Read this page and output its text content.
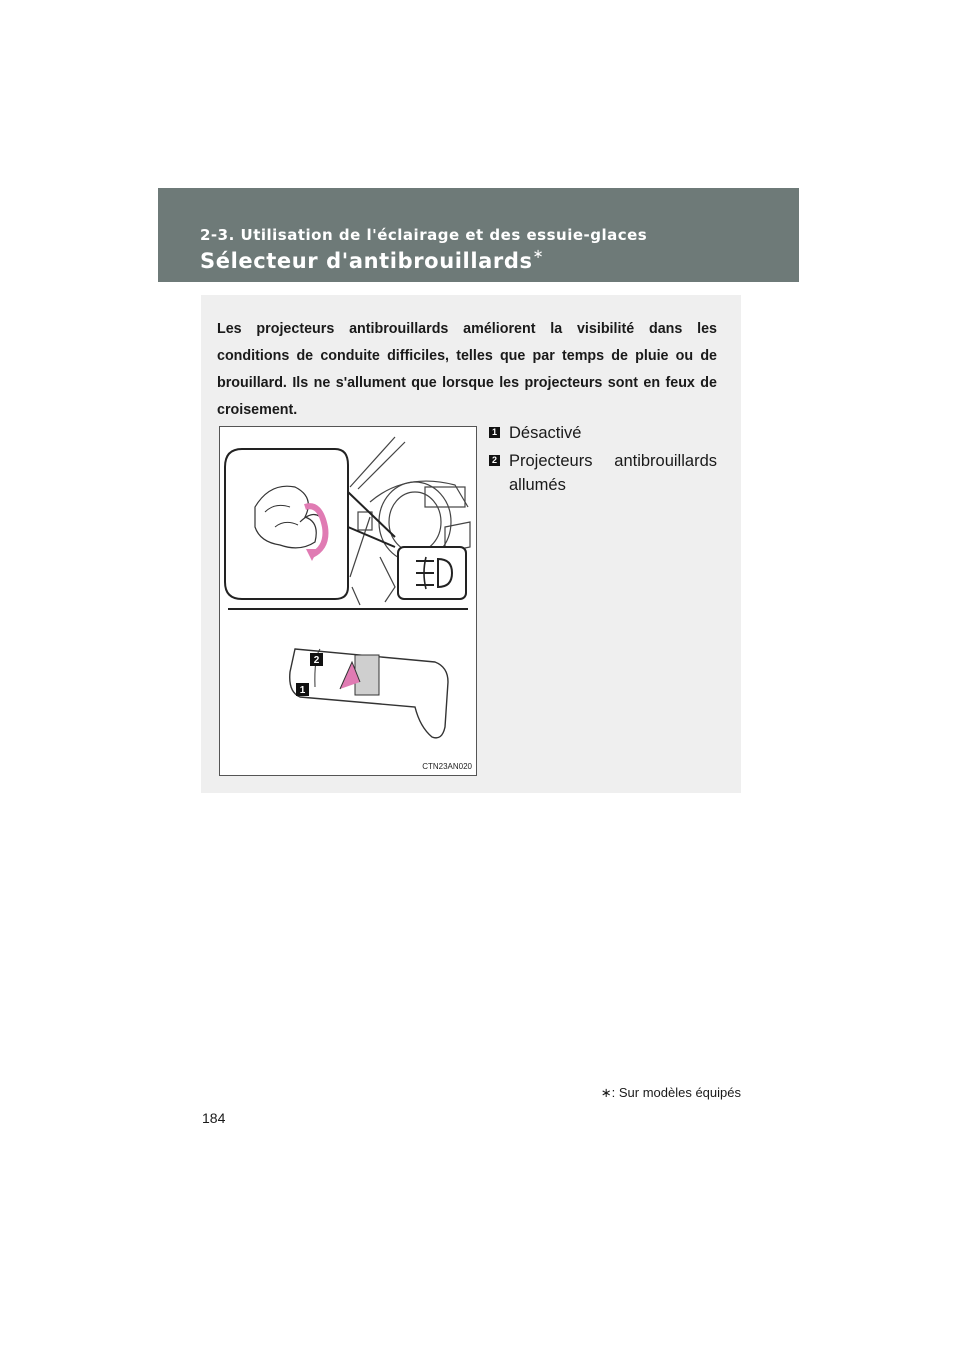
2-3. Utilisation de l'éclairage et des essuie-glaces
Sélecteur d'antibrouillards∗
Les projecteurs antibrouillards améliorent la visibilité dans les conditions de conduite difficiles, telles que par temps de pluie ou de brouillard. Ils ne s'allument que lorsque les projecteurs sont en feux de croisement.
2
1
CTN23AN020
1 Désactivé
2 Projecteurs antibrouillards allumés
∗: Sur modèles équipés
184
